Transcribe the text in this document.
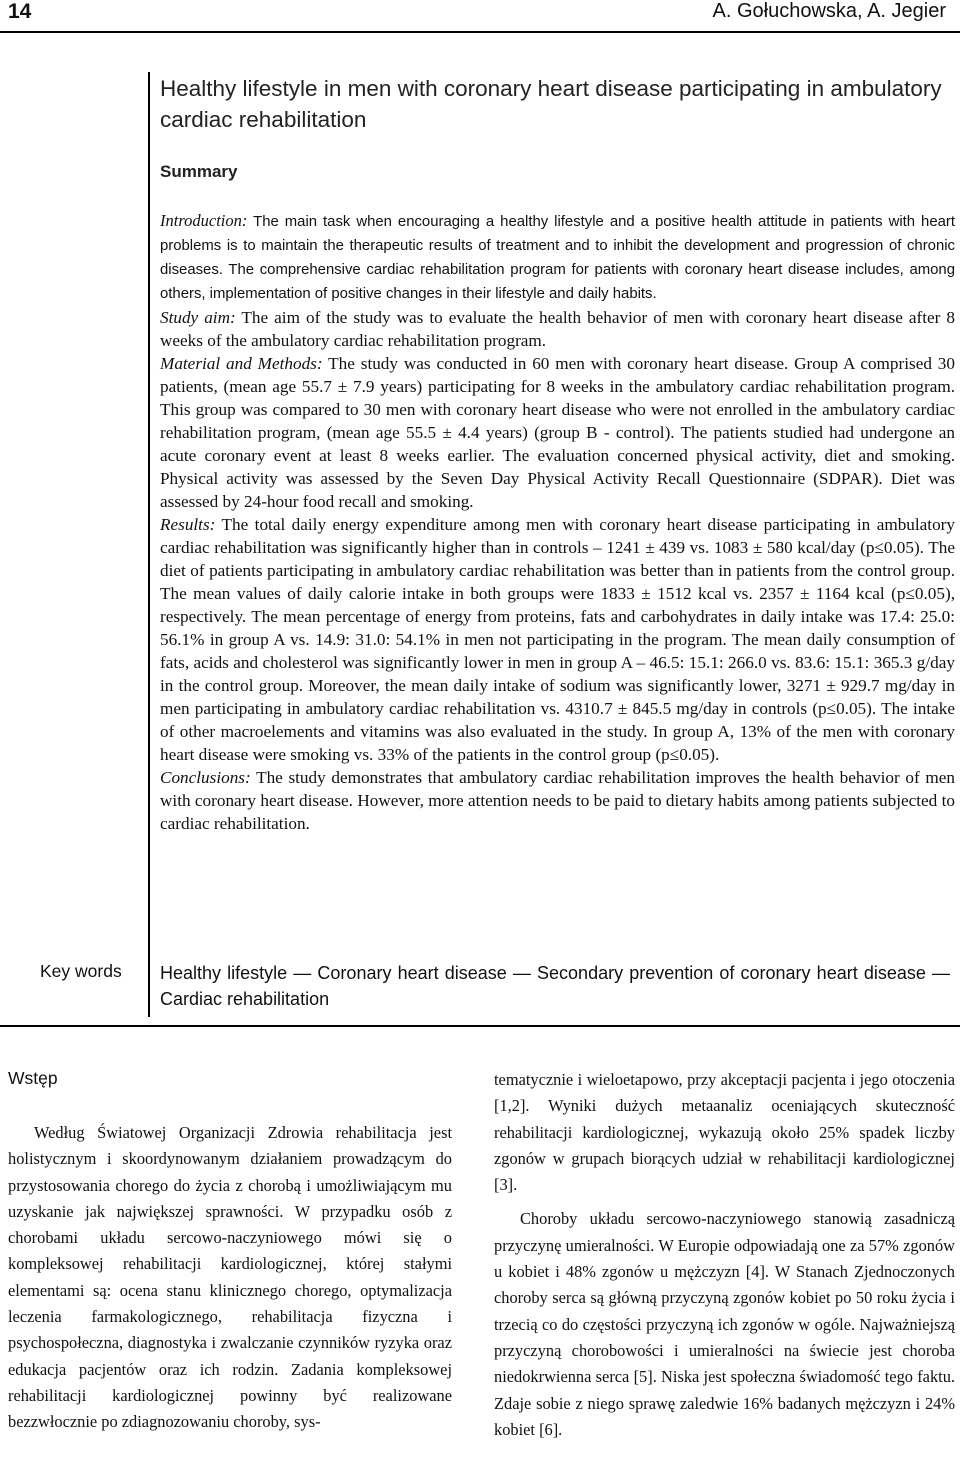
14	A. Gołuchowska, A. Jegier
Healthy lifestyle in men with coronary heart disease participating in ambulatory cardiac rehabilitation
Summary

Introduction: The main task when encouraging a healthy lifestyle and a positive health attitude in patients with heart problems is to maintain the therapeutic results of treatment and to inhibit the development and progression of chronic diseases. The comprehensive cardiac rehabilitation program for patients with coronary heart disease includes, among others, implementation of positive changes in their lifestyle and daily habits.

Study aim: The aim of the study was to evaluate the health behavior of men with coronary heart disease after 8 weeks of the ambulatory cardiac rehabilitation program.

Material and Methods: The study was conducted in 60 men with coronary heart disease. Group A comprised 30 patients, (mean age 55.7 ± 7.9 years) participating for 8 weeks in the ambulatory cardiac rehabilitation program. This group was compared to 30 men with coronary heart disease who were not enrolled in the ambulatory cardiac rehabilitation program, (mean age 55.5 ± 4.4 years) (group B - control). The patients studied had undergone an acute coronary event at least 8 weeks earlier. The evaluation concerned physical activity, diet and smoking. Physical activity was assessed by the Seven Day Physical Activity Recall Questionnaire (SDPAR). Diet was assessed by 24-hour food recall and smoking.

Results: The total daily energy expenditure among men with coronary heart disease participating in ambulatory cardiac rehabilitation was significantly higher than in controls – 1241 ± 439 vs. 1083 ± 580 kcal/day (p≤0.05). The diet of patients participating in ambulatory cardiac rehabilitation was better than in patients from the control group. The mean values of daily calorie intake in both groups were 1833 ± 1512 kcal vs. 2357 ± 1164 kcal (p≤0.05), respectively. The mean percentage of energy from proteins, fats and carbohydrates in daily intake was 17.4: 25.0: 56.1% in group A vs. 14.9: 31.0: 54.1% in men not participating in the program. The mean daily consumption of fats, acids and cholesterol was significantly lower in men in group A – 46.5: 15.1: 266.0 vs. 83.6: 15.1: 365.3 g/day in the control group. Moreover, the mean daily intake of sodium was significantly lower, 3271 ± 929.7 mg/day in men participating in ambulatory cardiac rehabilitation vs. 4310.7 ± 845.5 mg/day in controls (p≤0.05). The intake of other macroelements and vitamins was also evaluated in the study. In group A, 13% of the men with coronary heart disease were smoking vs. 33% of the patients in the control group (p≤0.05).

Conclusions: The study demonstrates that ambulatory cardiac rehabilitation improves the health behavior of men with coronary heart disease. However, more attention needs to be paid to dietary habits among patients subjected to cardiac rehabilitation.

Key words Healthy lifestyle — Coronary heart disease — Secondary prevention of coronary heart disease — Cardiac rehabilitation
Wstęp

Według Światowej Organizacji Zdrowia rehabilitacja jest holistycznym i skoordynowanym działaniem prowadzącym do przystosowania chorego do życia z chorobą i umożliwiającym mu uzyskanie jak największej sprawności. W przypadku osób z chorobami układu sercowo-naczyniowego mówi się o kompleksowej rehabilitacji kardiologicznej, której stałymi elementami są: ocena stanu klinicznego chorego, optymalizacja leczenia farmakologicznego, rehabilitacja fizyczna i psychospołeczna, diagnostyka i zwalczanie czynników ryzyka oraz edukacja pacjentów oraz ich rodzin. Zadania kompleksowej rehabilitacji kardiologicznej powinny być realizowane bezzwłocznie po zdiagnozowaniu choroby, sys-

tematycznie i wieloetapowo, przy akceptacji pacjenta i jego otoczenia [1,2]. Wyniki dużych metaanaliz oceniających skuteczność rehabilitacji kardiologicznej, wykazują około 25% spadek liczby zgonów w grupach biorących udział w rehabilitacji kardiologicznej [3].

Choroby układu sercowo-naczyniowego stanowią zasadniczą przyczynę umieralności. W Europie odpowiadają one za 57% zgonów u kobiet i 48% zgonów u mężczyzn [4]. W Stanach Zjednoczonych choroby serca są główną przyczyną zgonów kobiet po 50 roku życia i trzecią co do częstości przyczyną ich zgonów w ogóle. Najważniejszą przyczyną chorobowości i umieralności na świecie jest choroba niedokrwienna serca [5]. Niska jest społeczna świadomość tego faktu. Zdaje sobie z niego sprawę zaledwie 16% badanych mężczyzn i 24% kobiet [6].
